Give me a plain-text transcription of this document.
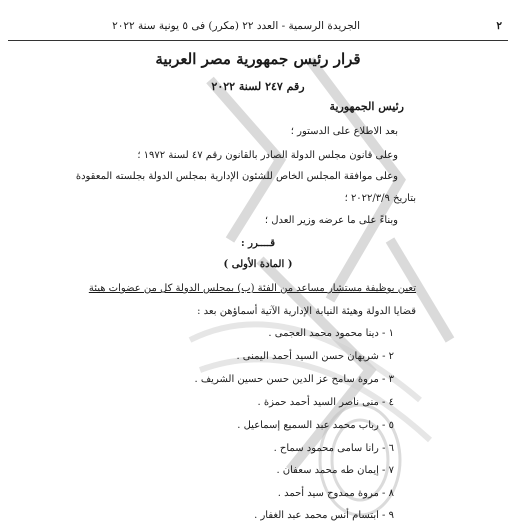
٢
الجريدة الرسمية - العدد ٢٢ (مكرر) فى ٥ يونية سنة ٢٠٢٢
قرار رئيس جمهورية مصر العربية
رقم ٢٤٧ لسنة ٢٠٢٢
رئيس الجمهورية
بعد الاطلاع على الدستور ؛
وعلى قانون مجلس الدولة الصادر بالقانون رقم ٤٧ لسنة ١٩٧٢ ؛
وعلى موافقة المجلس الخاص للشئون الإدارية بمجلس الدولة بجلسته المعقودة
بتاريخ ٢٠٢٢/٣/٩ ؛
وبناءً على ما عرضه وزير العدل ؛
قــــرر :
( المادة الأولى )
تعين بوظيفة مستشار مساعد من الفئة (ب) بمجلس الدولة كل من عضوات هيئة
قضايا الدولة وهيئة النيابة الإدارية الآتية أسماؤهن بعد :
١ - دينا محمود محمد العجمى .
٢ - شريهان حسن السيد أحمد اليمنى .
٣ - مروة سامح عز الدين حسن حسين الشريف .
٤ - منى ناصر السيد أحمد حمزة .
٥ - رباب محمد عبد السميع إسماعيل .
٦ - رانا سامى محمود سماح .
٧ - إيمان طه محمد سعفان .
٨ - مروة ممدوح سيد أحمد .
٩ - ابتسام أنس محمد عبد الغفار .
